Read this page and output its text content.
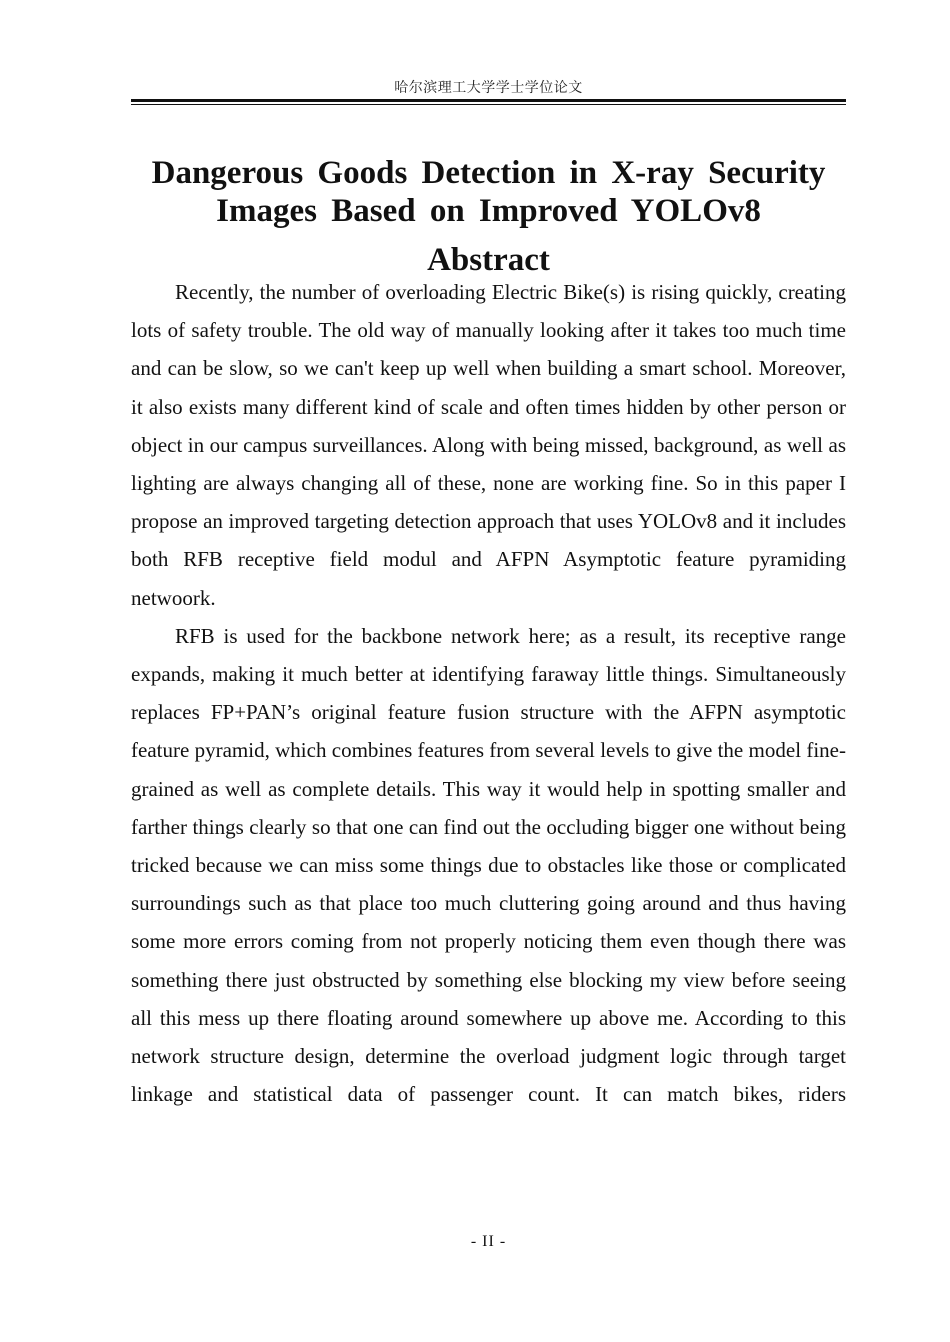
哈尔滨理工大学学士学位论文
Dangerous Goods Detection in X-ray Security
Images Based on Improved YOLOv8
Abstract

Recently, the number of overloading Electric Bike(s) is rising quickly, creating lots of safety trouble. The old way of manually looking after it takes too much time and can be slow, so we can't keep up well when building a smart school. Moreover, it also exists many different kind of scale and often times hidden by other person or object in our campus surveillances. Along with being missed, background, as well as lighting are always changing all of these, none are working fine. So in this paper I propose an improved targeting detection approach that uses YOLOv8 and it includes both RFB receptive field modul and AFPN Asymptotic feature pyramiding netwoork.

RFB is used for the backbone network here; as a result, its receptive range expands, making it much better at identifying faraway little things. Simultaneously replaces FP+PAN’s original feature fusion structure with the AFPN asymptotic feature pyramid, which combines features from several levels to give the model fine-grained as well as complete details. This way it would help in spotting smaller and farther things clearly so that one can find out the occluding bigger one without being tricked because we can miss some things due to obstacles like those or complicated surroundings such as that place too much cluttering going around and thus having some more errors coming from not properly noticing them even though there was something there just obstructed by something else blocking my view before seeing all this mess up there floating around somewhere up above me. According to this network structure design, determine the overload judgment logic through target linkage and statistical data of passenger count. It can match bikes, riders

- II -
